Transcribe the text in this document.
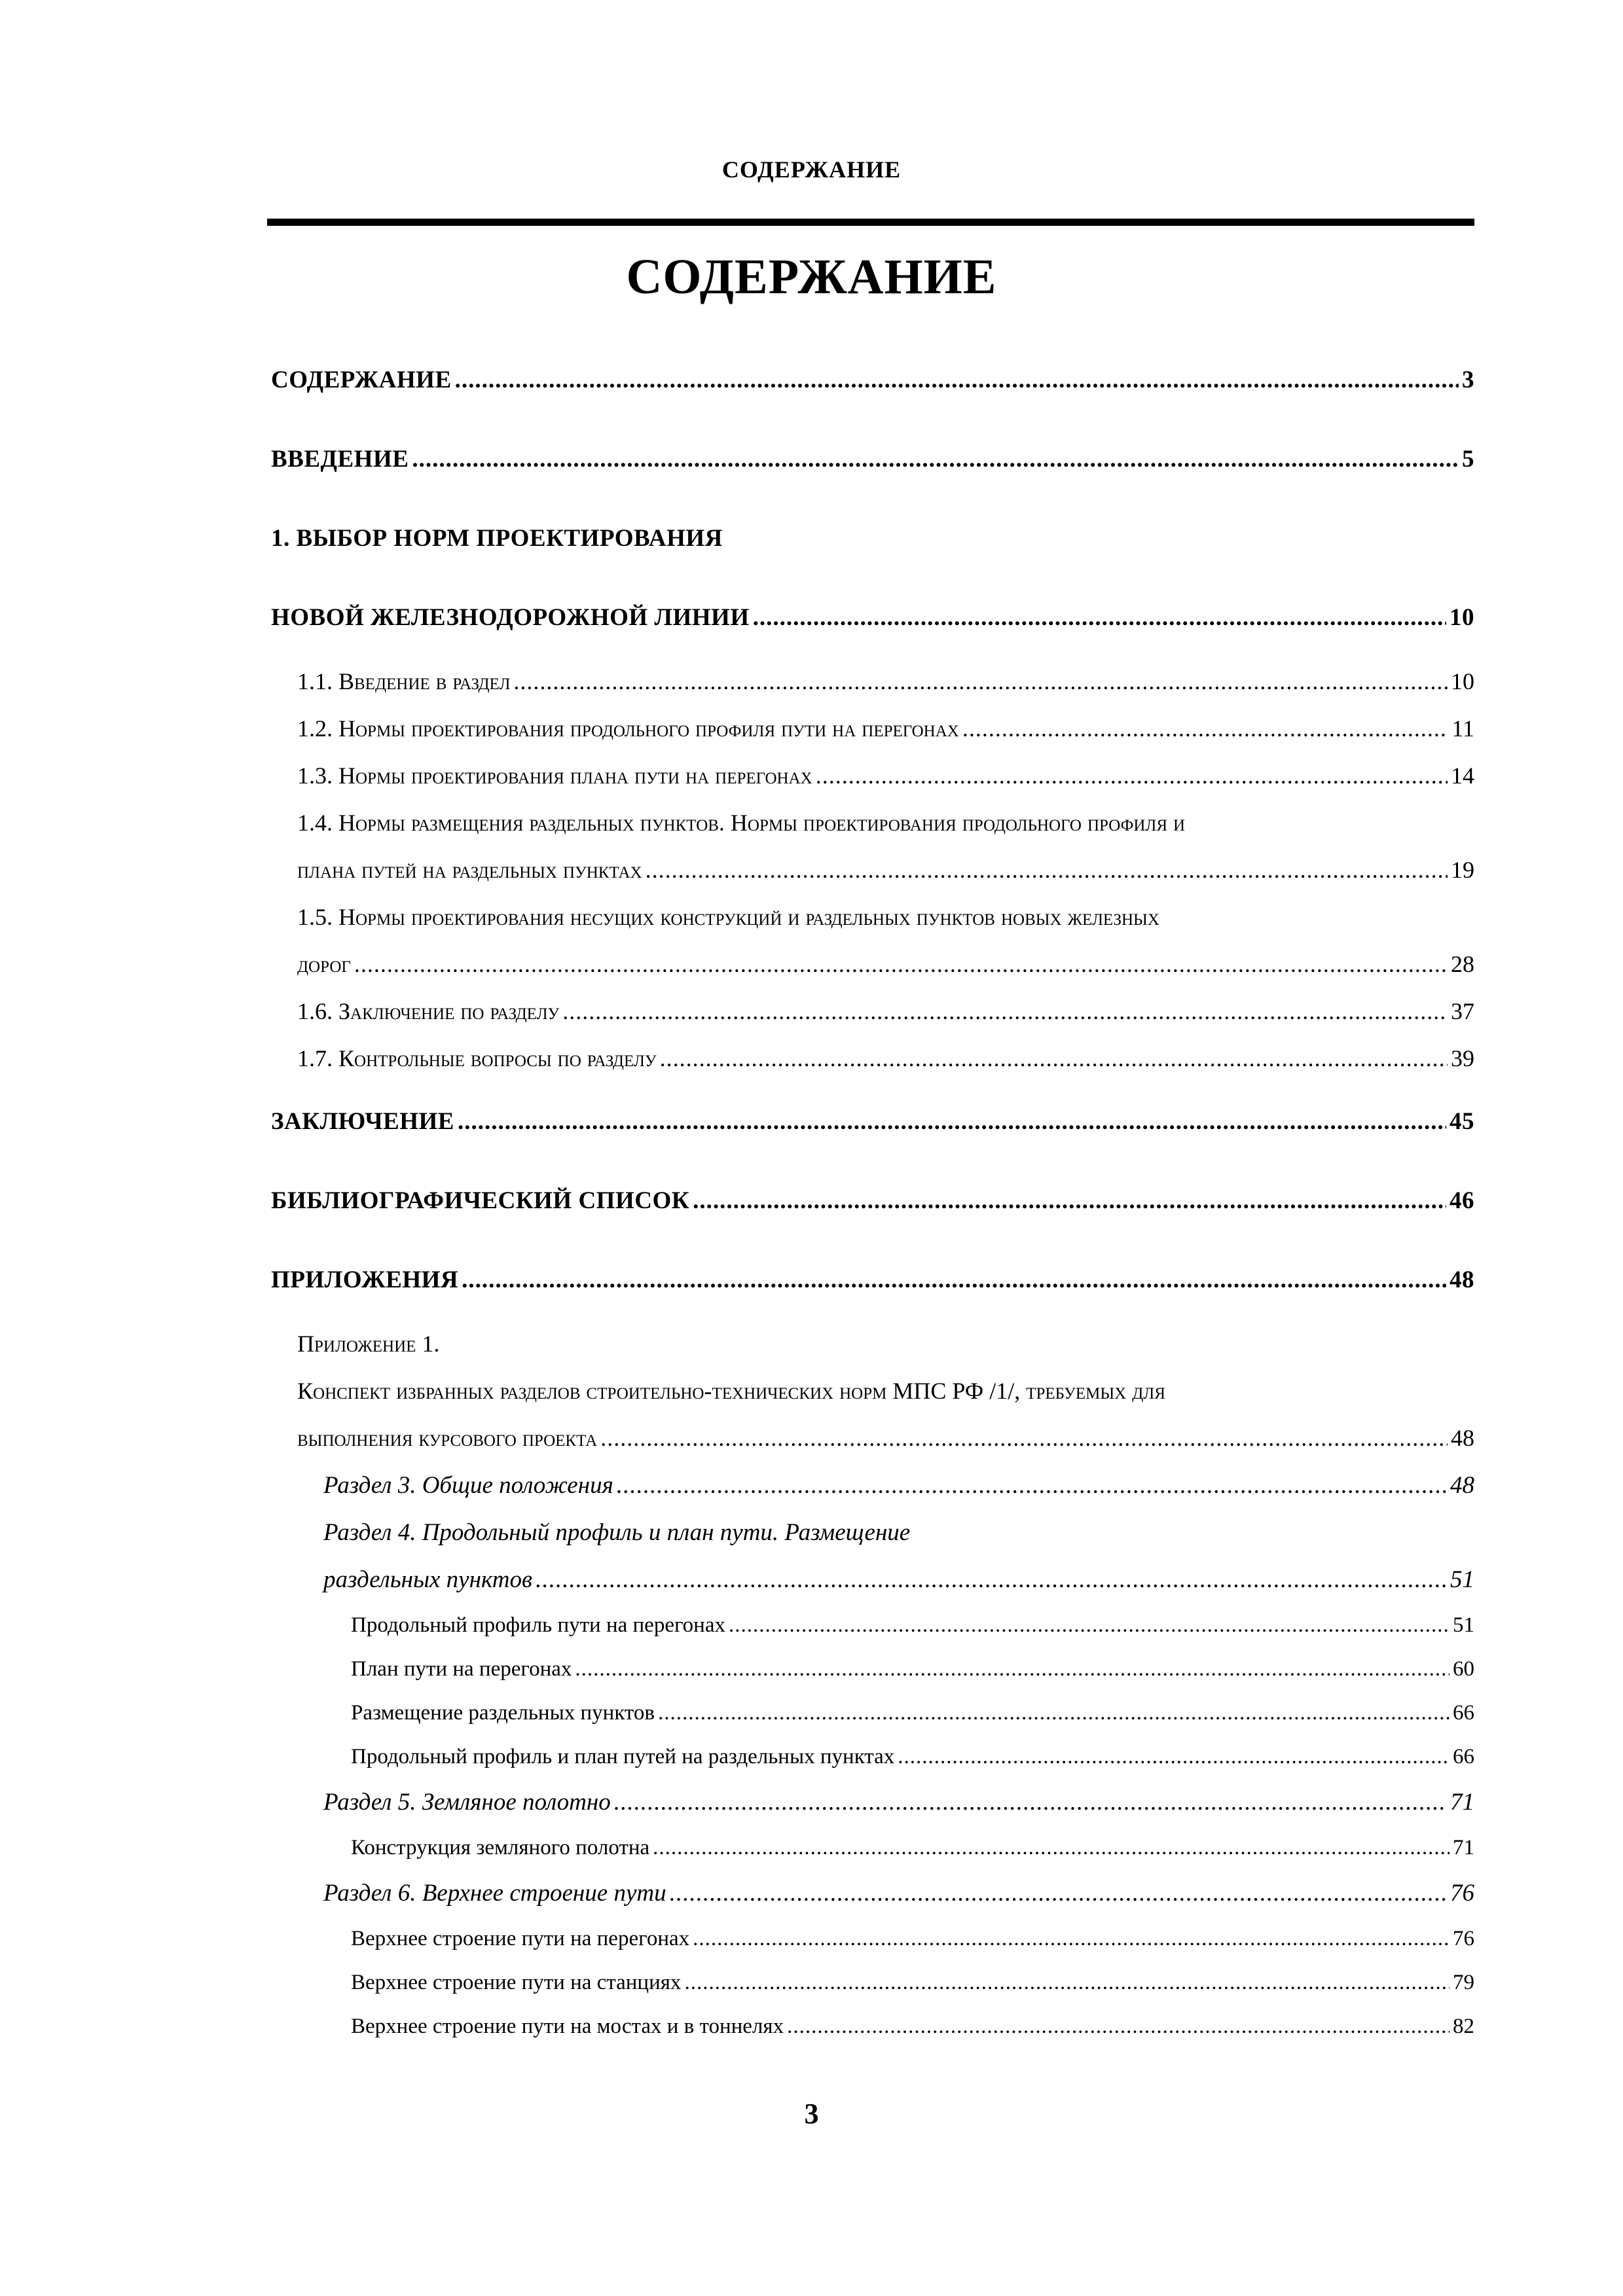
СОДЕРЖАНИЕ
СОДЕРЖАНИЕ
СОДЕРЖАНИЕ .....	3
ВВЕДЕНИЕ .....	5
1. ВЫБОР НОРМ ПРОЕКТИРОВАНИЯ
НОВОЙ ЖЕЛЕЗНОДОРОЖНОЙ ЛИНИИ .....	10
1.1. Введение в раздел .....	10
1.2. Нормы проектирования продольного профиля пути на перегонах .....	11
1.3. Нормы проектирования плана пути на перегонах .....	14
1.4. Нормы размещения раздельных пунктов. Нормы проектирования продольного профиля и
плана путей на раздельных пунктах .....	19
1.5. Нормы проектирования несущих конструкций и раздельных пунктов новых железных
дорог .....	28
1.6. Заключение по разделу .....	37
1.7. Контрольные вопросы по разделу .....	39
ЗАКЛЮЧЕНИЕ .....	45
БИБЛИОГРАФИЧЕСКИЙ СПИСОК .....	46
ПРИЛОЖЕНИЯ .....	48
Приложение 1.
Конспект избранных разделов строительно-технических норм МПС РФ /1/, требуемых для
выполнения курсового проекта .....	48
Раздел 3. Общие положения .....	48
Раздел 4. Продольный профиль и план пути. Размещение
раздельных пунктов .....	51
Продольный профиль пути на перегонах .....	51
План пути на перегонах .....	60
Размещение раздельных пунктов .....	66
Продольный профиль и план путей на раздельных пунктах .....	66
Раздел 5. Земляное полотно .....	71
Конструкция земляного полотна .....	71
Раздел 6. Верхнее строение пути .....	76
Верхнее строение пути на перегонах .....	76
Верхнее строение пути на станциях .....	79
Верхнее строение пути на мостах и в тоннелях .....	82
3
